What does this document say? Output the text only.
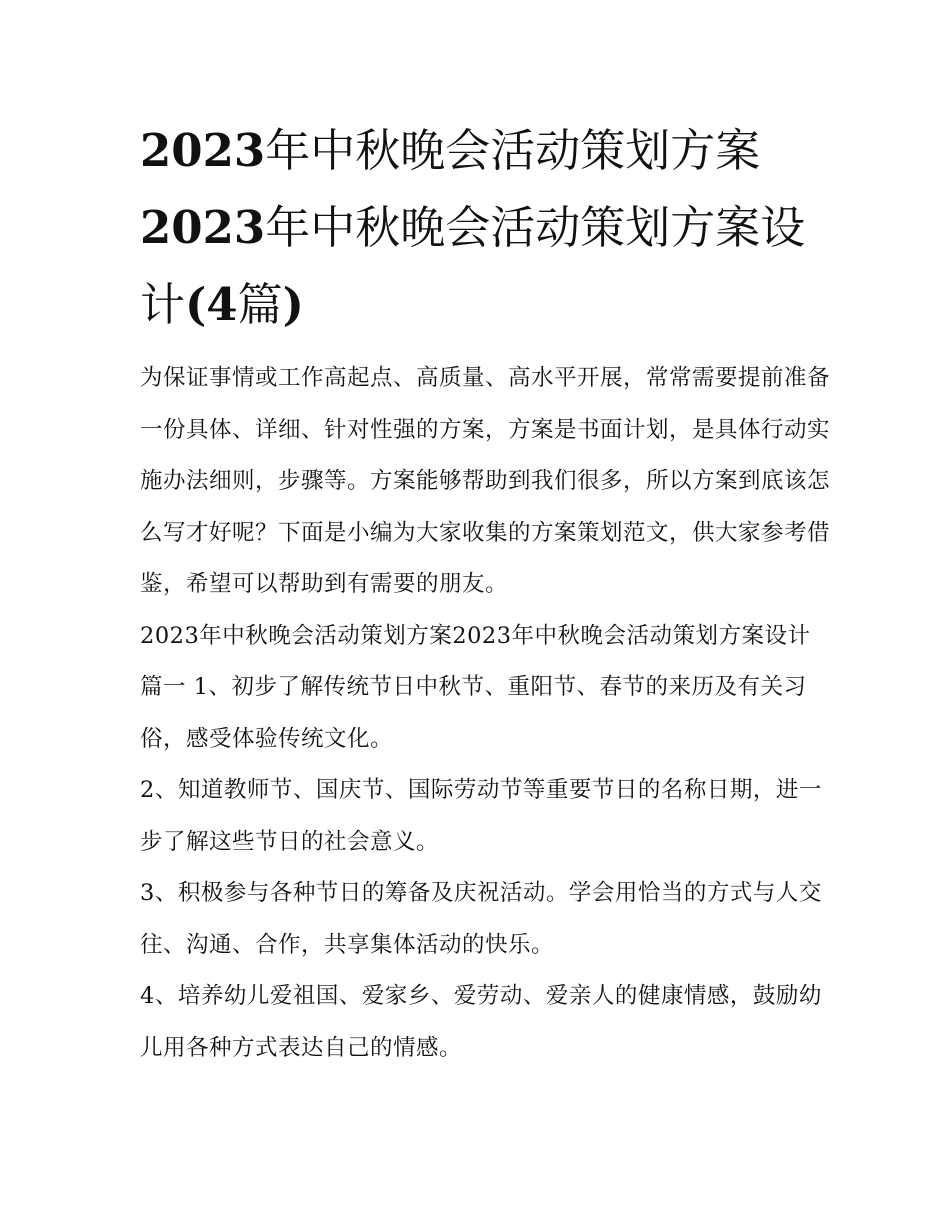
2023年中秋晚会活动策划方案2023年中秋晚会活动策划方案设计(4篇)

为保证事情或工作高起点、高质量、高水平开展，常常需要提前准备一份具体、详细、针对性强的方案，方案是书面计划，是具体行动实施办法细则，步骤等。方案能够帮助到我们很多，所以方案到底该怎么写才好呢？下面是小编为大家收集的方案策划范文，供大家参考借鉴，希望可以帮助到有需要的朋友。

2023年中秋晚会活动策划方案2023年中秋晚会活动策划方案设计篇一 1、初步了解传统节日中秋节、重阳节、春节的来历及有关习俗，感受体验传统文化。

2、知道教师节、国庆节、国际劳动节等重要节日的名称日期，进一步了解这些节日的社会意义。

3、积极参与各种节日的筹备及庆祝活动。学会用恰当的方式与人交往、沟通、合作，共享集体活动的快乐。

4、培养幼儿爱祖国、爱家乡、爱劳动、爱亲人的健康情感，鼓励幼儿用各种方式表达自己的情感。
